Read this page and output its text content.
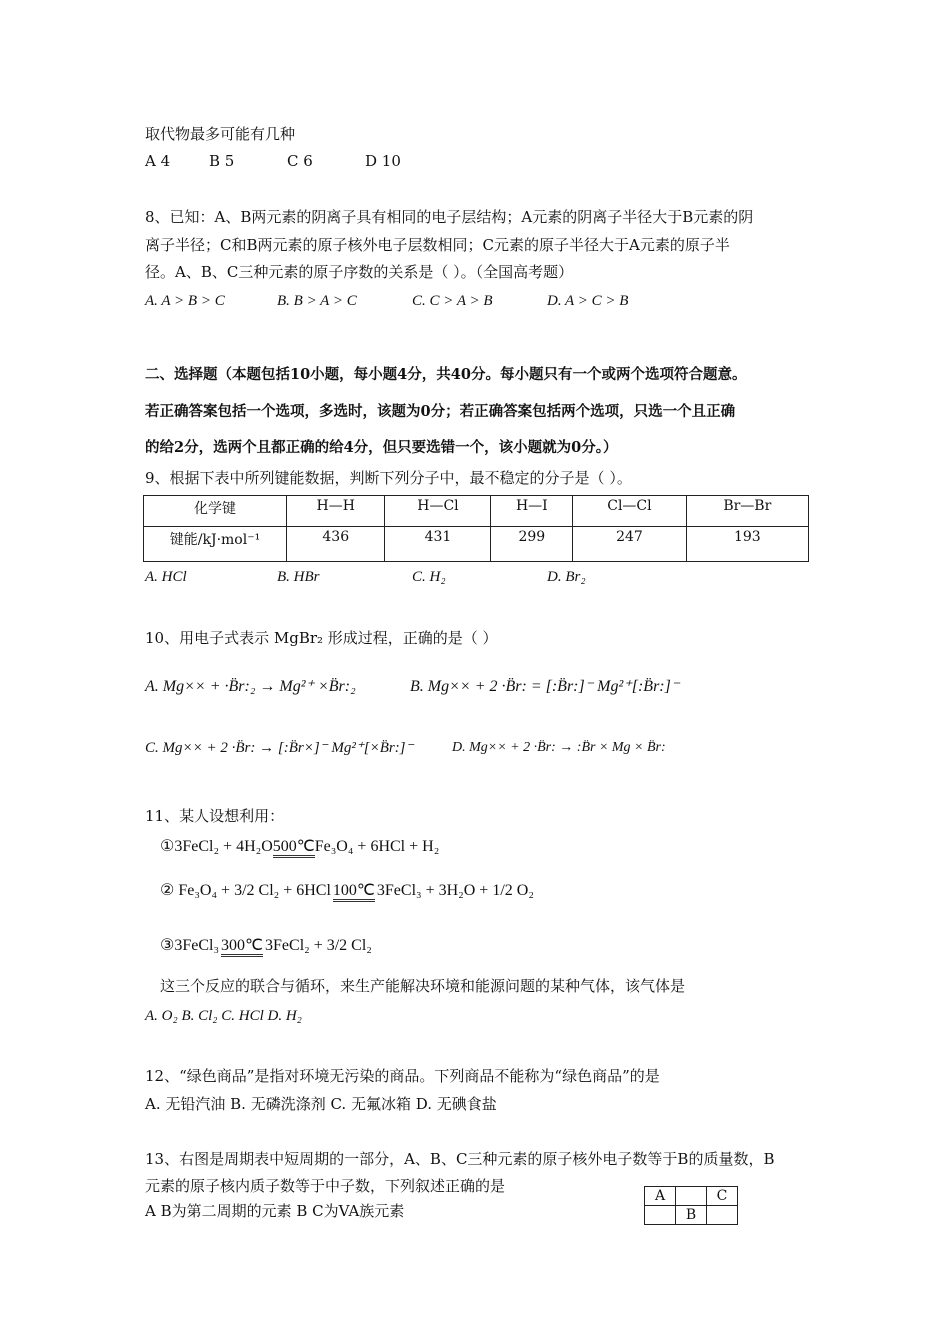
取代物最多可能有几种
A 4	B 5	C 6	D 10
8、已知：A、B两元素的阴离子具有相同的电子层结构；A元素的阴离子半径大于B元素的阴
离子半径；C和B两元素的原子核外电子层数相同；C元素的原子半径大于A元素的原子半
径。A、B、C三种元素的原子序数的关系是（ ）。（全国高考题）
A. A > B > C	B. B > A > C	C. C > A > B	D. A > C > B
二、选择题（本题包括10小题，每小题4分，共40分。每小题只有一个或两个选项符合题意。
若正确答案包括一个选项，多选时，该题为0分；若正确答案包括两个选项，只选一个且正确
的给2分，选两个且都正确的给4分，但只要选错一个，该小题就为0分。）
9、根据下表中所列键能数据，判断下列分子中，最不稳定的分子是（ ）。
化学键	H—H	H—Cl	H—I	Cl—Cl	Br—Br
键能/kJ·mol⁻¹	436	431	299	247	193
A. HCl	B. HBr	C. H₂	D. Br₂
10、用电子式表示 MgBr₂ 形成过程，正确的是（ ）
A. Mg×× + ·B̈r:₂ → Mg²⁺ ×B̈r:₂	B. Mg×× + 2 ·B̈r: = [:B̈r:]⁻ Mg²⁺[:B̈r:]⁻
C. Mg×× + 2 ·B̈r: → [:B̈r×]⁻ Mg²⁺[×B̈r:]⁻	D. Mg×× + 2 ·B̈r: → :B̈r × Mg × B̈r:
11、某人设想利用：
①3FeCl₂ + 4H₂O500℃Fe₃O₄ + 6HCl + H₂
② Fe₃O₄ + 3/2 Cl₂ + 6HCl 100℃ 3FeCl₃ + 3H₂O + 1/2 O₂
③3FeCl₃ 300℃ 3FeCl₂ + 3/2 Cl₂
这三个反应的联合与循环，来生产能解决环境和能源问题的某种气体，该气体是
A. O₂ B. Cl₂ C. HCl D. H₂
12、“绿色商品”是指对环境无污染的商品。下列商品不能称为“绿色商品”的是
A. 无铅汽油 B. 无磷洗涤剂 C. 无氟冰箱 D. 无碘食盐
13、右图是周期表中短周期的一部分，A、B、C三种元素的原子核外电子数等于B的质量数，B
元素的原子核内质子数等于中子数，下列叙述正确的是
A B为第二周期的元素 B C为VA族元素
A		C
	B	
